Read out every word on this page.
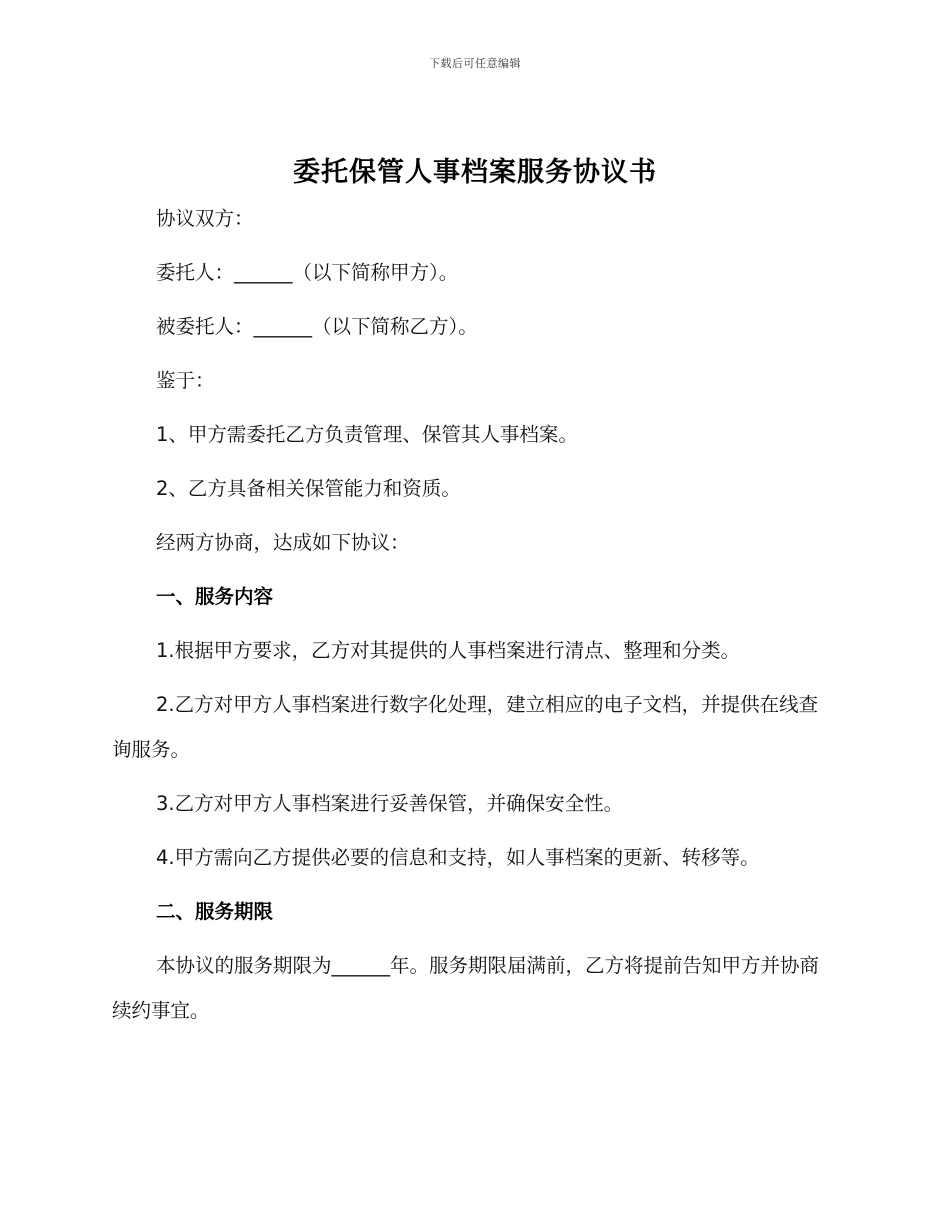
下载后可任意编辑
委托保管人事档案服务协议书

协议双方：

委托人：______（以下简称甲方）。

被委托人：______（以下简称乙方）。

鉴于：

1、甲方需委托乙方负责管理、保管其人事档案。

2、乙方具备相关保管能力和资质。

经两方协商，达成如下协议：

一、服务内容

1.根据甲方要求，乙方对其提供的人事档案进行清点、整理和分类。

2.乙方对甲方人事档案进行数字化处理，建立相应的电子文档，并提供在线查询服务。

3.乙方对甲方人事档案进行妥善保管，并确保安全性。

4.甲方需向乙方提供必要的信息和支持，如人事档案的更新、转移等。

二、服务期限

本协议的服务期限为______年。服务期限届满前，乙方将提前告知甲方并协商续约事宜。
